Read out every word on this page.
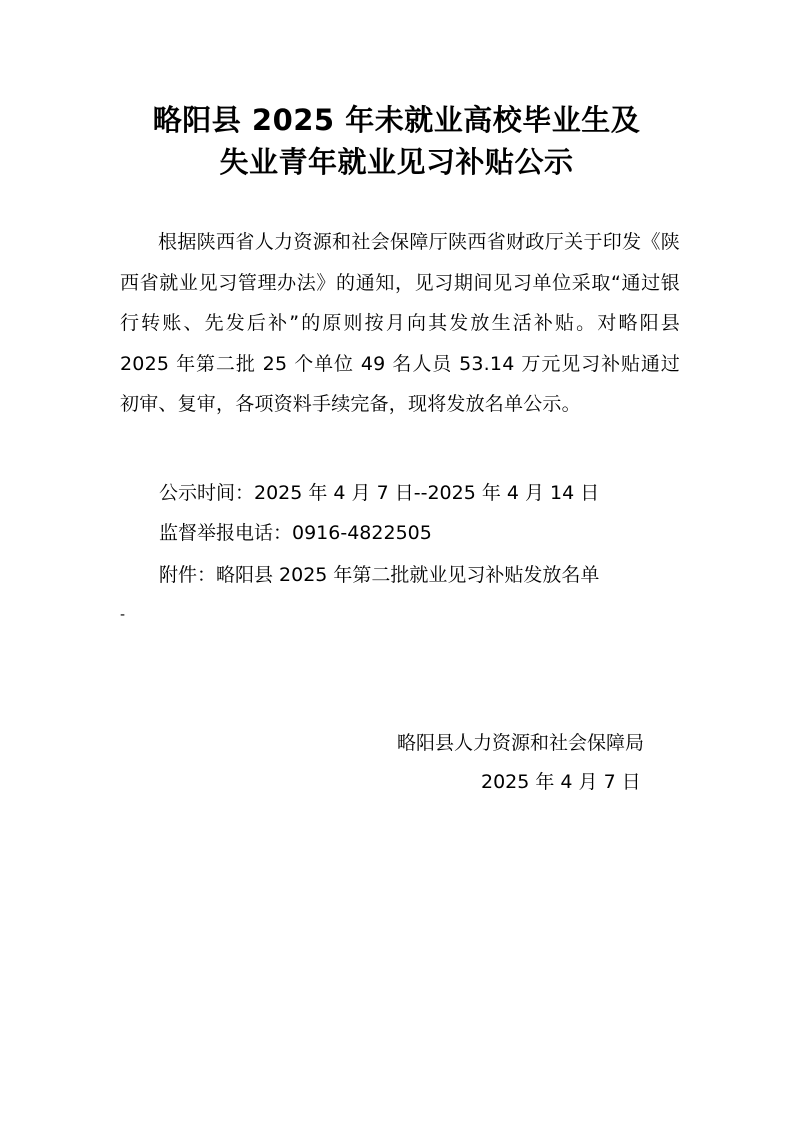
略阳县 2025 年未就业高校毕业生及
失业青年就业见习补贴公示
根据陕西省人力资源和社会保障厅陕西省财政厅关于印发《陕西省就业见习管理办法》的通知，见习期间见习单位采取“通过银行转账、先发后补”的原则按月向其发放生活补贴。对略阳县 2025 年第二批 25 个单位 49 名人员 53.14 万元见习补贴通过初审、复审，各项资料手续完备，现将发放名单公示。
公示时间：2025 年 4 月 7 日--2025 年 4 月 14 日
监督举报电话：0916-4822505
附件：略阳县 2025 年第二批就业见习补贴发放名单
-
略阳县人力资源和社会保障局
2025 年 4 月 7 日
